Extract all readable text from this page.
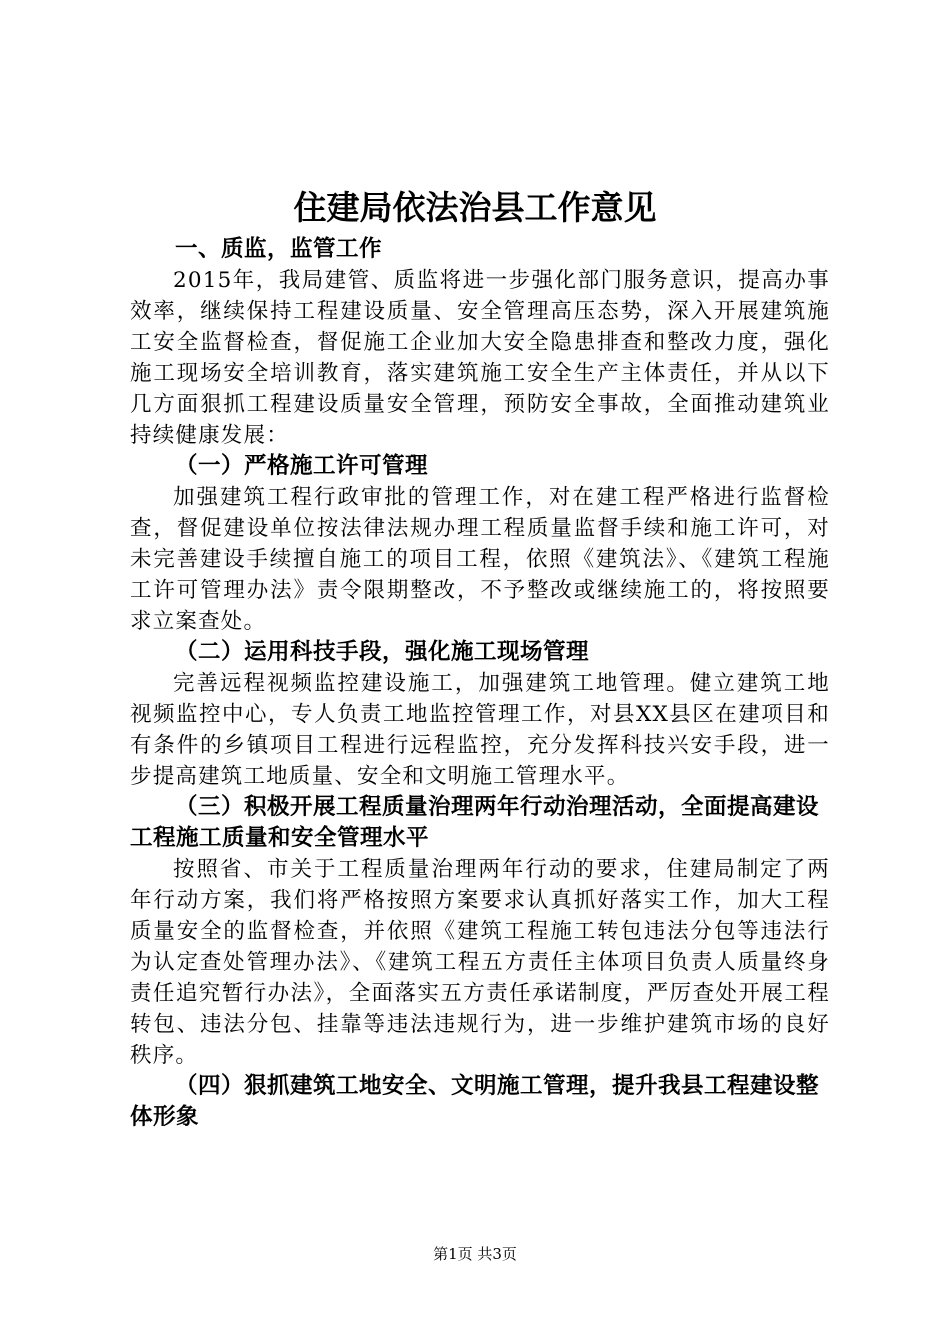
住建局依法治县工作意见
一、质监，监管工作

2015年，我局建管、质监将进一步强化部门服务意识，提高办事效率，继续保持工程建设质量、安全管理高压态势，深入开展建筑施工安全监督检查，督促施工企业加大安全隐患排查和整改力度，强化施工现场安全培训教育，落实建筑施工安全生产主体责任，并从以下几方面狠抓工程建设质量安全管理，预防安全事故，全面推动建筑业持续健康发展：

（一）严格施工许可管理

加强建筑工程行政审批的管理工作，对在建工程严格进行监督检查，督促建设单位按法律法规办理工程质量监督手续和施工许可，对未完善建设手续擅自施工的项目工程，依照《建筑法》、《建筑工程施工许可管理办法》责令限期整改，不予整改或继续施工的，将按照要求立案查处。

（二）运用科技手段，强化施工现场管理

完善远程视频监控建设施工，加强建筑工地管理。健立建筑工地视频监控中心，专人负责工地监控管理工作，对县XX县区在建项目和有条件的乡镇项目工程进行远程监控，充分发挥科技兴安手段，进一步提高建筑工地质量、安全和文明施工管理水平。

（三）积极开展工程质量治理两年行动治理活动，全面提高建设工程施工质量和安全管理水平

按照省、市关于工程质量治理两年行动的要求，住建局制定了两年行动方案，我们将严格按照方案要求认真抓好落实工作，加大工程质量安全的监督检查，并依照《建筑工程施工转包违法分包等违法行为认定查处管理办法》、《建筑工程五方责任主体项目负责人质量终身责任追究暂行办法》，全面落实五方责任承诺制度，严厉查处开展工程转包、违法分包、挂靠等违法违规行为，进一步维护建筑市场的良好秩序。

（四）狠抓建筑工地安全、文明施工管理，提升我县工程建设整体形象
第1页 共3页
